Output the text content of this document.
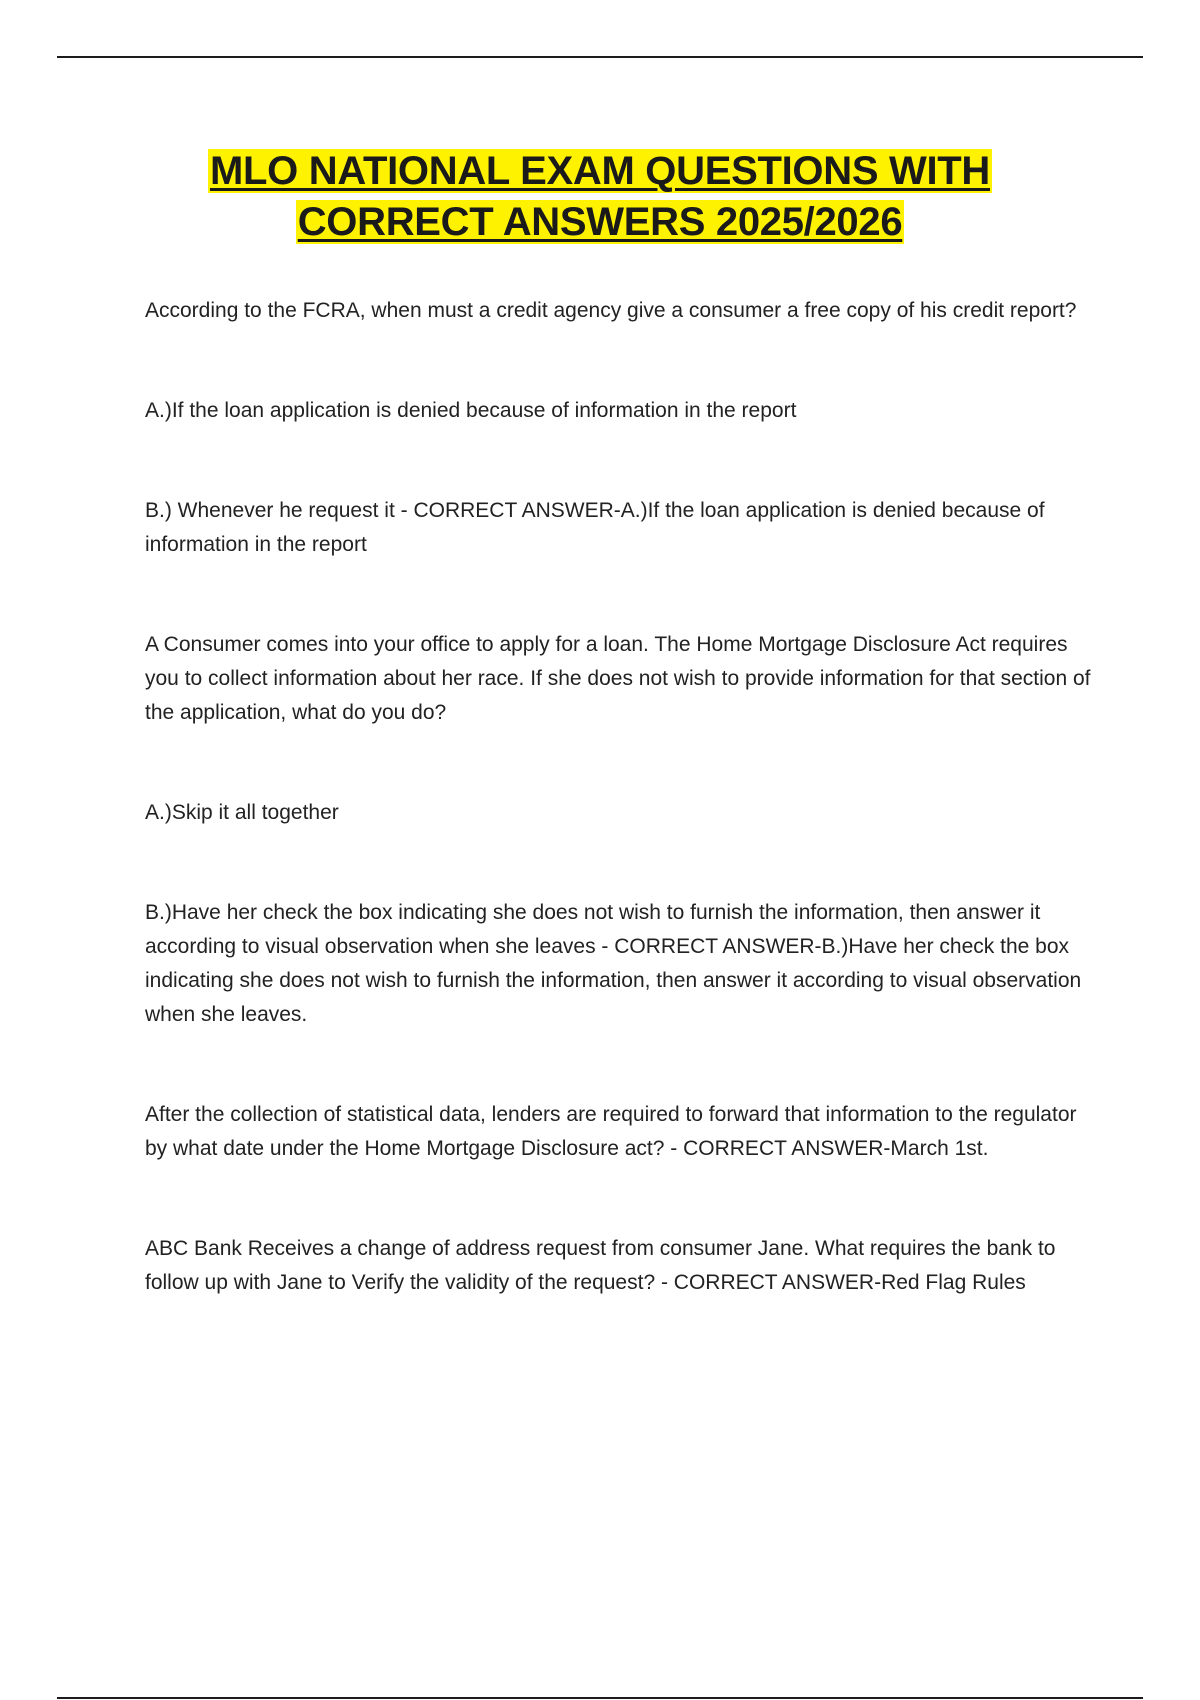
MLO NATIONAL EXAM QUESTIONS WITH
CORRECT ANSWERS 2025/2026

According to the FCRA, when must a credit agency give a consumer a free copy of his credit report?

A.)If the loan application is denied because of information in the report

B.) Whenever he request it - CORRECT ANSWER-A.)If the loan application is denied because of information in the report

A Consumer comes into your office to apply for a loan. The Home Mortgage Disclosure Act requires you to collect information about her race. If she does not wish to provide information for that section of the application, what do you do?

A.)Skip it all together

B.)Have her check the box indicating she does not wish to furnish the information, then answer it according to visual observation when she leaves - CORRECT ANSWER-B.)Have her check the box indicating she does not wish to furnish the information, then answer it according to visual observation when she leaves.

After the collection of statistical data, lenders are required to forward that information to the regulator by what date under the Home Mortgage Disclosure act? - CORRECT ANSWER-March 1st.

ABC Bank Receives a change of address request from consumer Jane. What requires the bank to follow up with Jane to Verify the validity of the request? - CORRECT ANSWER-Red Flag Rules
